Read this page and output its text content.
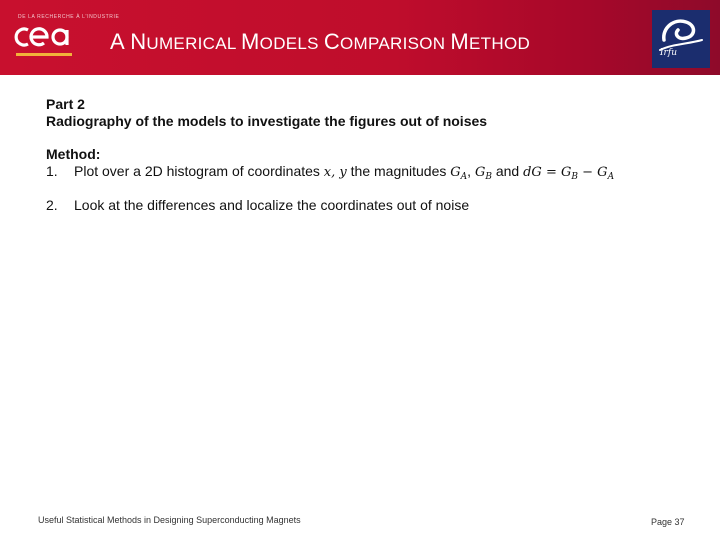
DE LA RECHERCHE À L'INDUSTRIE
A NUMERICAL MODELS COMPARISON METHOD	Irfu
Part 2
Radiography of the models to investigate the figures out of noises
Method:
1. Plot over a 2D histogram of coordinates x, y the magnitudes $G_A$, $G_B$ and dG = $G_B - G_A$
2. Look at the differences and localize the coordinates out of noise
Useful Statistical Methods in Designing Superconducting Magnets	Page 37
